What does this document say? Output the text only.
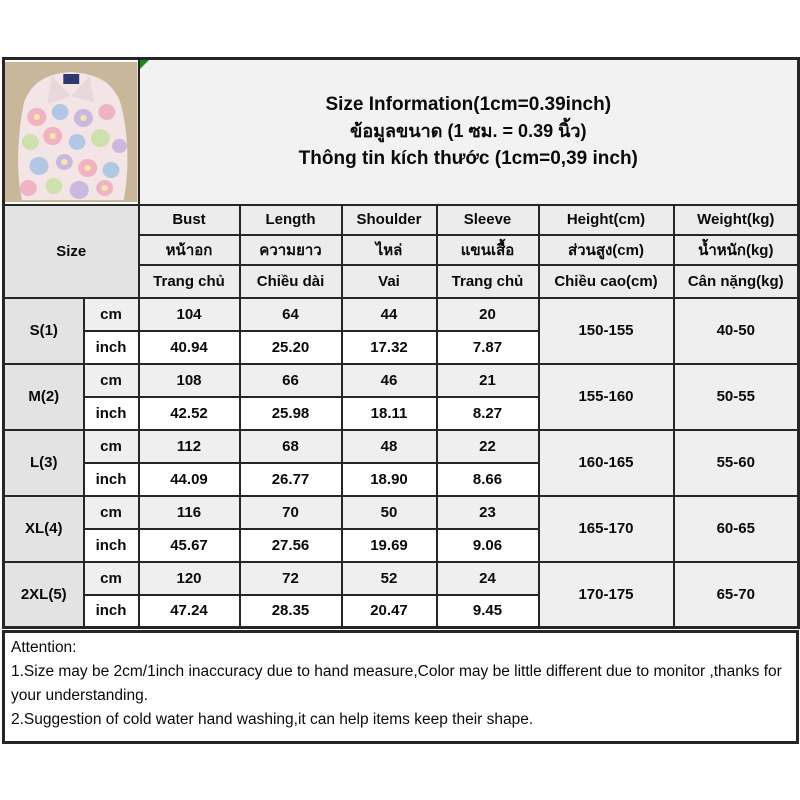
Size Information(1cm=0.39inch)
ข้อมูลขนาด (1 ซม. = 0.39 นิ้ว)
Thông tin kích thước (1cm=0,39 inch)					

Size		Bust	Length	Shoulder	Sleeve	Height(cm)	Weight(kg)
		หน้าอก	ความยาว	ไหล่	แขนเสื้อ	ส่วนสูง(cm)	น้ำหนัก(kg)
		Trang chủ	Chiều dài	Vai	Trang chủ	Chiều cao(cm)	Cân nặng(kg)
S(1)	cm	104	64	44	20	150-155	40-50
	inch	40.94	25.20	17.32	7.87		
M(2)	cm	108	66	46	21	155-160	50-55
	inch	42.52	25.98	18.11	8.27		
L(3)	cm	112	68	48	22	160-165	55-60
	inch	44.09	26.77	18.90	8.66		
XL(4)	cm	116	70	50	23	165-170	60-65
	inch	45.67	27.56	19.69	9.06		
2XL(5)	cm	120	72	52	24	170-175	65-70
	inch	47.24	28.35	20.47	9.45		
Attention:
1.Size may be 2cm/1inch inaccuracy due to hand measure,Color may be little different due to monitor ,thanks for your understanding.
2.Suggestion of cold water hand washing,it can help items keep their shape.
